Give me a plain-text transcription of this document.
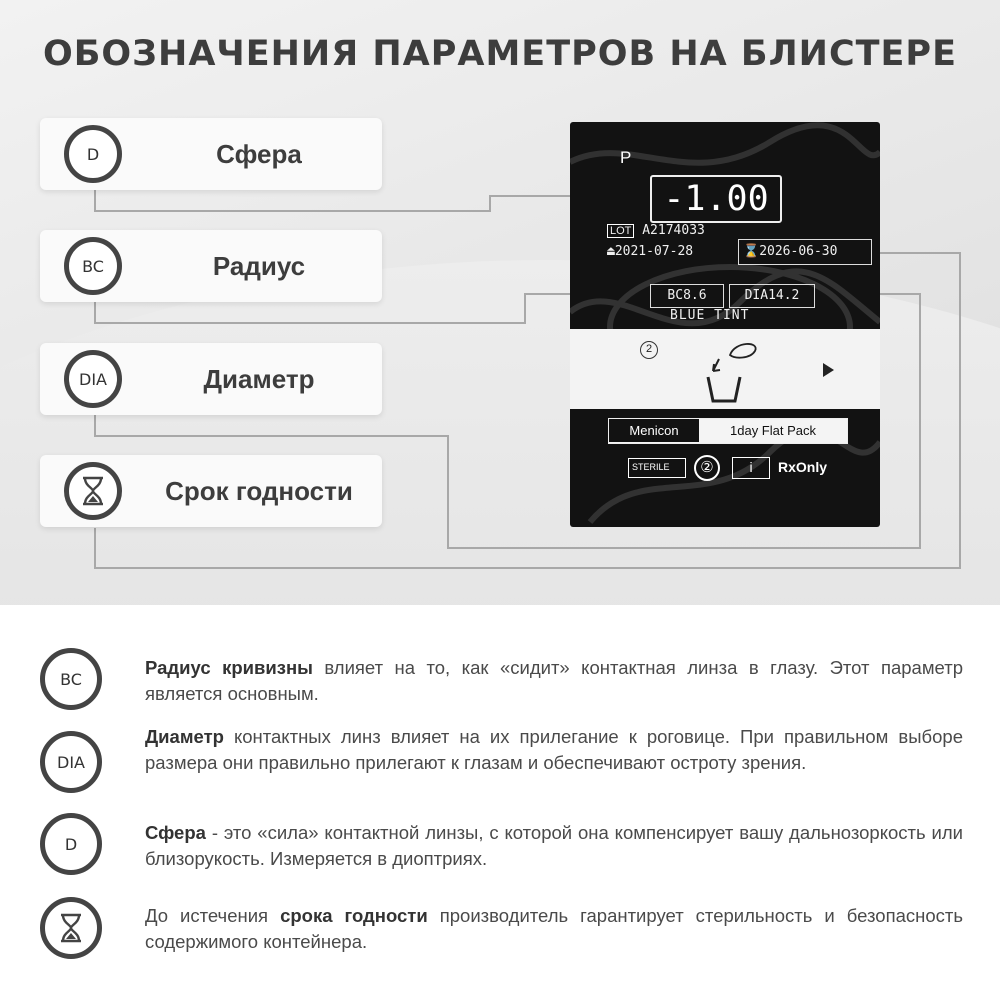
ОБОЗНАЧЕНИЯ ПАРАМЕТРОВ НА БЛИСТЕРЕ
D	Сфера
BC	Радиус
DIA	Диаметр
Срок годности
P
-1.00
LOT A2174033
⏏2021-07-28	⌛2026-06-30
BC8.6	DIA14.2
BLUE TINT
2
Menicon	1day Flat Pack
STERILE	②	i	RxOnly
BC
Радиус кривизны влияет на то, как «сидит» контактная линза в глазу. Этот параметр является основным.
DIA
Диаметр контактных линз влияет на их прилегание к роговице. При правильном выборе размера они правильно прилегают к глазам и обеспечивают остроту зрения.
D
Сфера - это «сила» контактной линзы, с которой она компенсирует вашу дальнозоркость или близорукость. Измеряется в диоптриях.
До истечения срока годности производитель гарантирует стерильность и безопасность содержимого контейнера.
